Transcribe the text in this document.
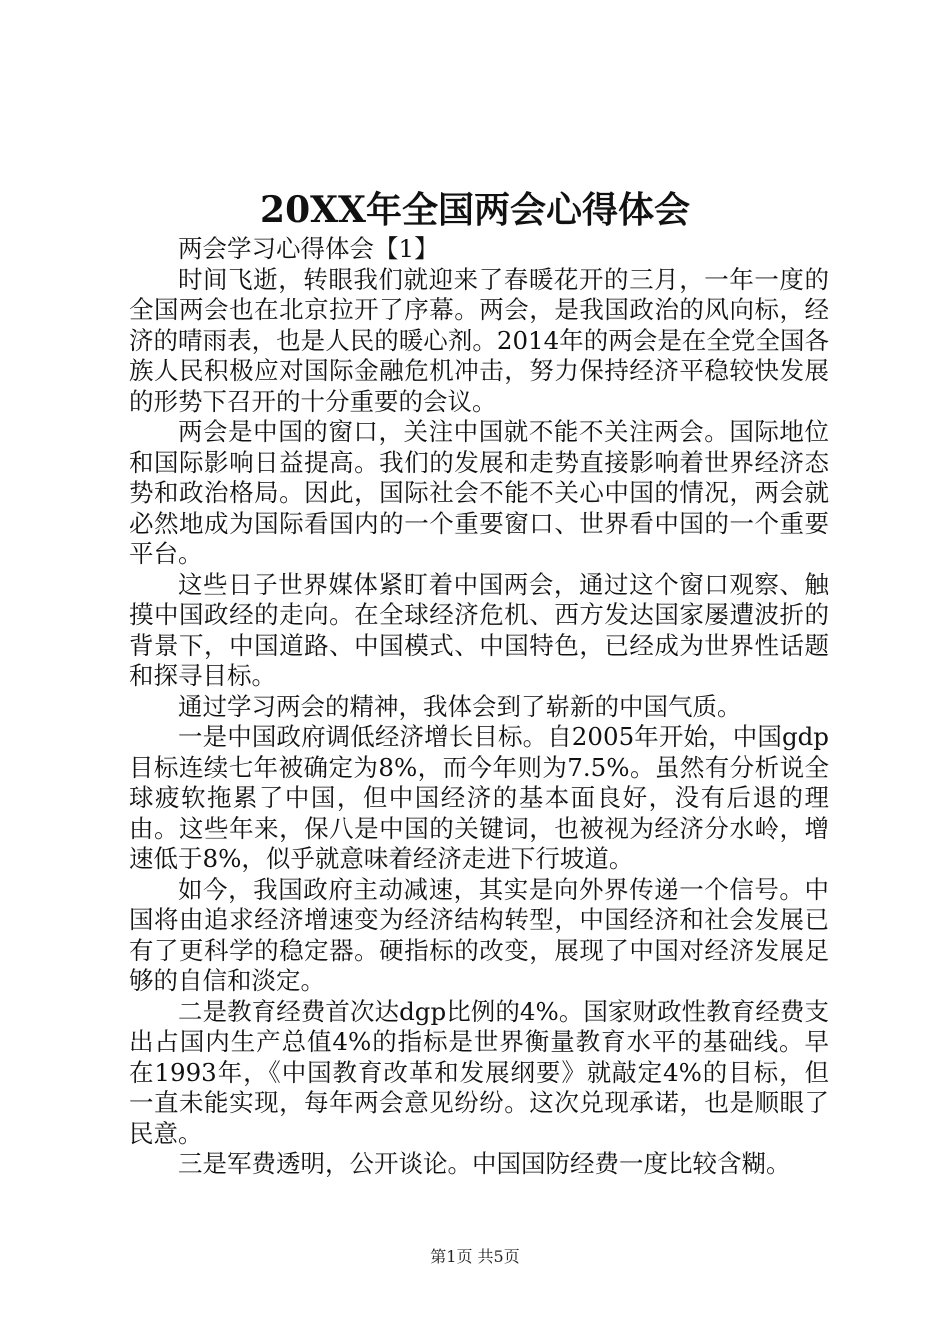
20XX年全国两会心得体会

两会学习心得体会【1】

时间飞逝，转眼我们就迎来了春暖花开的三月，一年一度的全国两会也在北京拉开了序幕。两会，是我国政治的风向标，经济的晴雨表，也是人民的暖心剂。2014年的两会是在全党全国各族人民积极应对国际金融危机冲击，努力保持经济平稳较快发展的形势下召开的十分重要的会议。

两会是中国的窗口，关注中国就不能不关注两会。国际地位和国际影响日益提高。我们的发展和走势直接影响着世界经济态势和政治格局。因此，国际社会不能不关心中国的情况，两会就必然地成为国际看国内的一个重要窗口、世界看中国的一个重要平台。

这些日子世界媒体紧盯着中国两会，通过这个窗口观察、触摸中国政经的走向。在全球经济危机、西方发达国家屡遭波折的背景下，中国道路、中国模式、中国特色，已经成为世界性话题和探寻目标。

通过学习两会的精神，我体会到了崭新的中国气质。

一是中国政府调低经济增长目标。自2005年开始，中国gdp目标连续七年被确定为8%，而今年则为7.5%。虽然有分析说全球疲软拖累了中国，但中国经济的基本面良好，没有后退的理由。这些年来，保八是中国的关键词，也被视为经济分水岭，增速低于8%，似乎就意味着经济走进下行坡道。

如今，我国政府主动减速，其实是向外界传递一个信号。中国将由追求经济增速变为经济结构转型，中国经济和社会发展已有了更科学的稳定器。硬指标的改变，展现了中国对经济发展足够的自信和淡定。

二是教育经费首次达dgp比例的4%。国家财政性教育经费支出占国内生产总值4%的指标是世界衡量教育水平的基础线。早在1993年，《中国教育改革和发展纲要》就敲定4%的目标，但一直未能实现，每年两会意见纷纷。这次兑现承诺，也是顺眼了民意。

三是军费透明，公开谈论。中国国防经费一度比较含糊。

第1页 共5页
